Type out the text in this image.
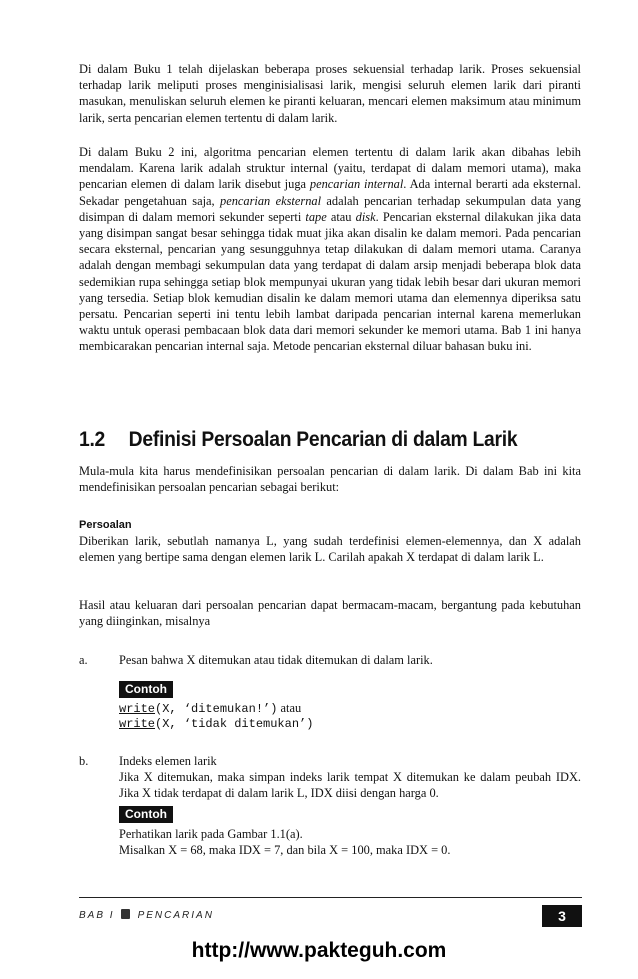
Di dalam Buku 1 telah dijelaskan beberapa proses sekuensial terhadap larik. Proses sekuensial terhadap larik meliputi proses menginisialisasi larik, mengisi seluruh elemen larik dari piranti masukan, menuliskan seluruh elemen ke piranti keluaran, mencari elemen maksimum atau minimum larik, serta pencarian elemen tertentu di dalam larik.

Di dalam Buku 2 ini, algoritma pencarian elemen tertentu di dalam larik akan dibahas lebih mendalam. Karena larik adalah struktur internal (yaitu, terdapat di dalam memori utama), maka pencarian elemen di dalam larik disebut juga pencarian internal. Ada internal berarti ada eksternal. Sekadar pengetahuan saja, pencarian eksternal adalah pencarian terhadap sekumpulan data yang disimpan di dalam memori sekunder seperti tape atau disk. Pencarian eksternal dilakukan jika data yang disimpan sangat besar sehingga tidak muat jika akan disalin ke dalam memori. Pada pencarian secara eksternal, pencarian yang sesungguhnya tetap dilakukan di dalam memori utama. Caranya adalah dengan membagi sekumpulan data yang terdapat di dalam arsip menjadi beberapa blok data sedemikian rupa sehingga setiap blok mempunyai ukuran yang tidak lebih besar dari ukuran memori yang tersedia. Setiap blok kemudian disalin ke dalam memori utama dan elemennya diperiksa satu persatu. Pencarian seperti ini tentu lebih lambat daripada pencarian internal karena memerlukan waktu untuk operasi pembacaan blok data dari memori sekunder ke memori utama. Bab 1 ini hanya membicarakan pencarian internal saja. Metode pencarian eksternal diluar bahasan buku ini.

1.2 Definisi Persoalan Pencarian di dalam Larik

Mula-mula kita harus mendefinisikan persoalan pencarian di dalam larik. Di dalam Bab ini kita mendefinisikan persoalan pencarian sebagai berikut:

Persoalan

Diberikan larik, sebutlah namanya L, yang sudah terdefinisi elemen-elemennya, dan X adalah elemen yang bertipe sama dengan elemen larik L. Carilah apakah X terdapat di dalam larik L.

Hasil atau keluaran dari persoalan pencarian dapat bermacam-macam, bergantung pada kebutuhan yang diinginkan, misalnya

a.	Pesan bahwa X ditemukan atau tidak ditemukan di dalam larik.
Contoh
write(X, ‘ditemukan!’) atau
write(X, ‘tidak ditemukan’)
b. Indeks elemen larik
Jika X ditemukan, maka simpan indeks larik tempat X ditemukan ke dalam peubah IDX. Jika X tidak terdapat di dalam larik L, IDX diisi dengan harga 0.
Contoh
Perhatikan larik pada Gambar 1.1(a).
Misalkan X = 68, maka IDX = 7, dan bila X = 100, maka IDX = 0.
BAB I PENCARIAN	3
http://www.pakteguh.com
